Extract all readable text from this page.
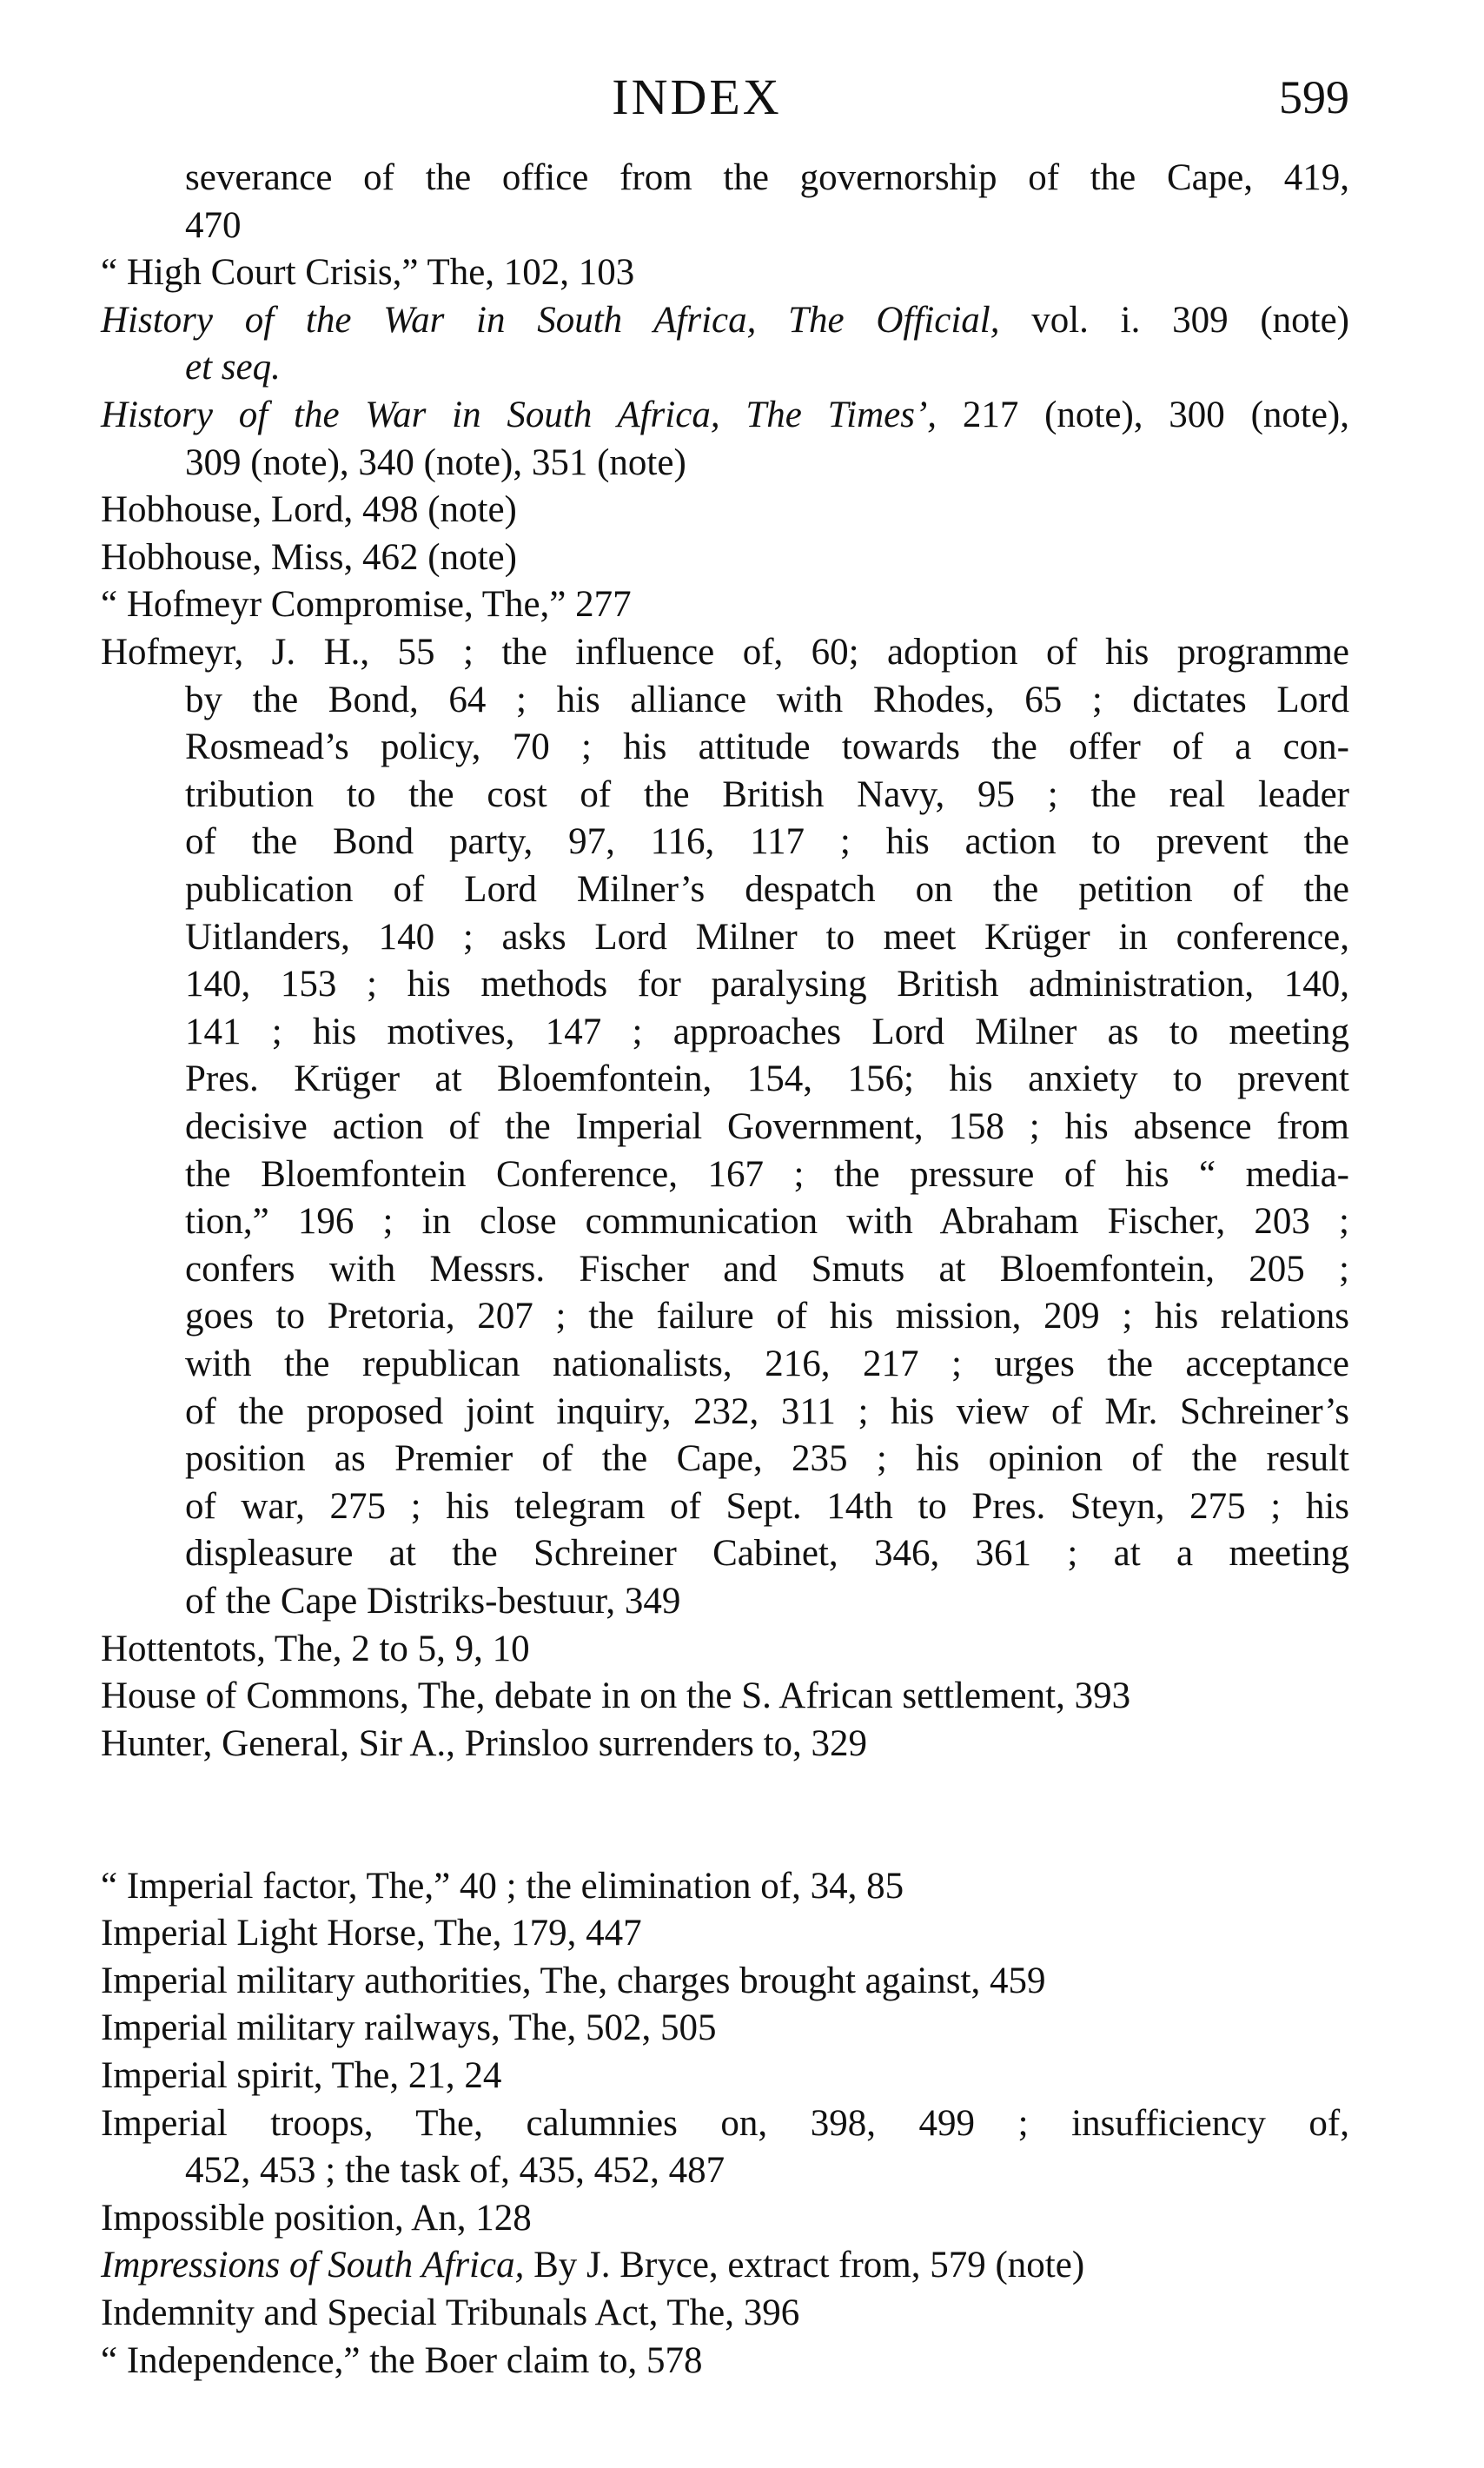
INDEX	599
severance of the office from the governorship of the Cape, 419,
470
“ High Court Crisis,” The, 102, 103
History of the War in South Africa, The Official, vol. i. 309 (note)
et seq.
History of the War in South Africa, The Times’, 217 (note), 300 (note),
309 (note), 340 (note), 351 (note)
Hobhouse, Lord, 498 (note)
Hobhouse, Miss, 462 (note)
“ Hofmeyr Compromise, The,” 277
Hofmeyr, J. H., 55 ; the influence of, 60; adoption of his programme
by the Bond, 64 ; his alliance with Rhodes, 65 ; dictates Lord
Rosmead’s policy, 70 ; his attitude towards the offer of a con-
tribution to the cost of the British Navy, 95 ; the real leader
of the Bond party, 97, 116, 117 ; his action to prevent the
publication of Lord Milner’s despatch on the petition of the
Uitlanders, 140 ; asks Lord Milner to meet Krüger in conference,
140, 153 ; his methods for paralysing British administration, 140,
141 ; his motives, 147 ; approaches Lord Milner as to meeting
Pres. Krüger at Bloemfontein, 154, 156; his anxiety to prevent
decisive action of the Imperial Government, 158 ; his absence from
the Bloemfontein Conference, 167 ; the pressure of his “ media-
tion,” 196 ; in close communication with Abraham Fischer, 203 ;
confers with Messrs. Fischer and Smuts at Bloemfontein, 205 ;
goes to Pretoria, 207 ; the failure of his mission, 209 ; his relations
with the republican nationalists, 216, 217 ; urges the acceptance
of the proposed joint inquiry, 232, 311 ; his view of Mr. Schreiner’s
position as Premier of the Cape, 235 ; his opinion of the result
of war, 275 ; his telegram of Sept. 14th to Pres. Steyn, 275 ; his
displeasure at the Schreiner Cabinet, 346, 361 ; at a meeting
of the Cape Distriks-bestuur, 349
Hottentots, The, 2 to 5, 9, 10
House of Commons, The, debate in on the S. African settlement, 393
Hunter, General, Sir A., Prinsloo surrenders to, 329
“ Imperial factor, The,” 40 ; the elimination of, 34, 85
Imperial Light Horse, The, 179, 447
Imperial military authorities, The, charges brought against, 459
Imperial military railways, The, 502, 505
Imperial spirit, The, 21, 24
Imperial troops, The, calumnies on, 398, 499 ; insufficiency of,
452, 453 ; the task of, 435, 452, 487
Impossible position, An, 128
Impressions of South Africa, By J. Bryce, extract from, 579 (note)
Indemnity and Special Tribunals Act, The, 396
“ Independence,” the Boer claim to, 578
